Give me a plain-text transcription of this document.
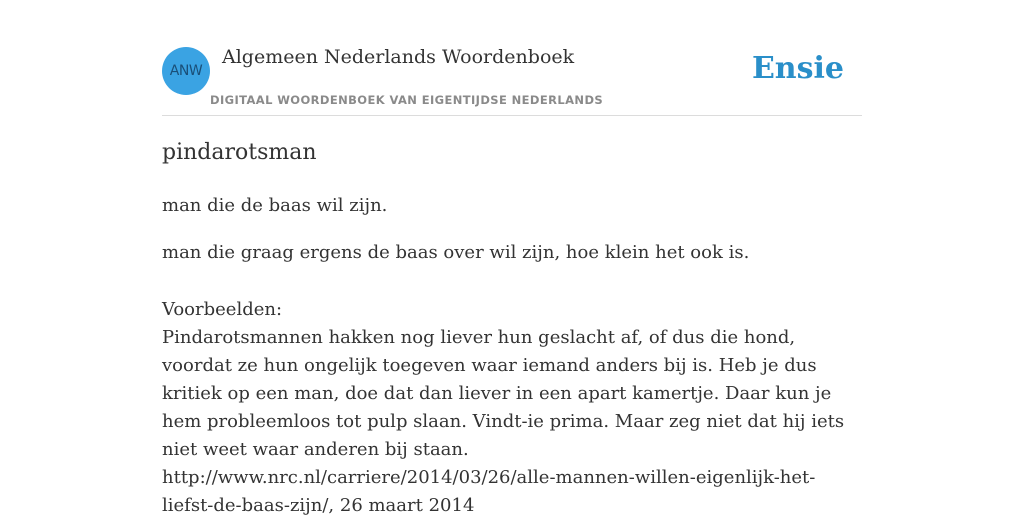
ANW
Algemeen Nederlands Woordenboek
DIGITAAL WOORDENBOEK VAN EIGENTIJDSE NEDERLANDS
Ensie
pindarotsman
man die de baas wil zijn.
man die graag ergens de baas over wil zijn, hoe klein het ook is.
Voorbeelden:
Pindarotsmannen hakken nog liever hun geslacht af, of dus die hond, voordat ze hun ongelijk toegeven waar iemand anders bij is. Heb je dus kritiek op een man, doe dat dan liever in een apart kamertje. Daar kun je hem probleemloos tot pulp slaan. Vindt-ie prima. Maar zeg niet dat hij iets niet weet waar anderen bij staan. http://www.nrc.nl/carriere/2014/03/26/alle-mannen-willen-eigenlijk-het-liefst-de-baas-zijn/, 26 maart 2014
